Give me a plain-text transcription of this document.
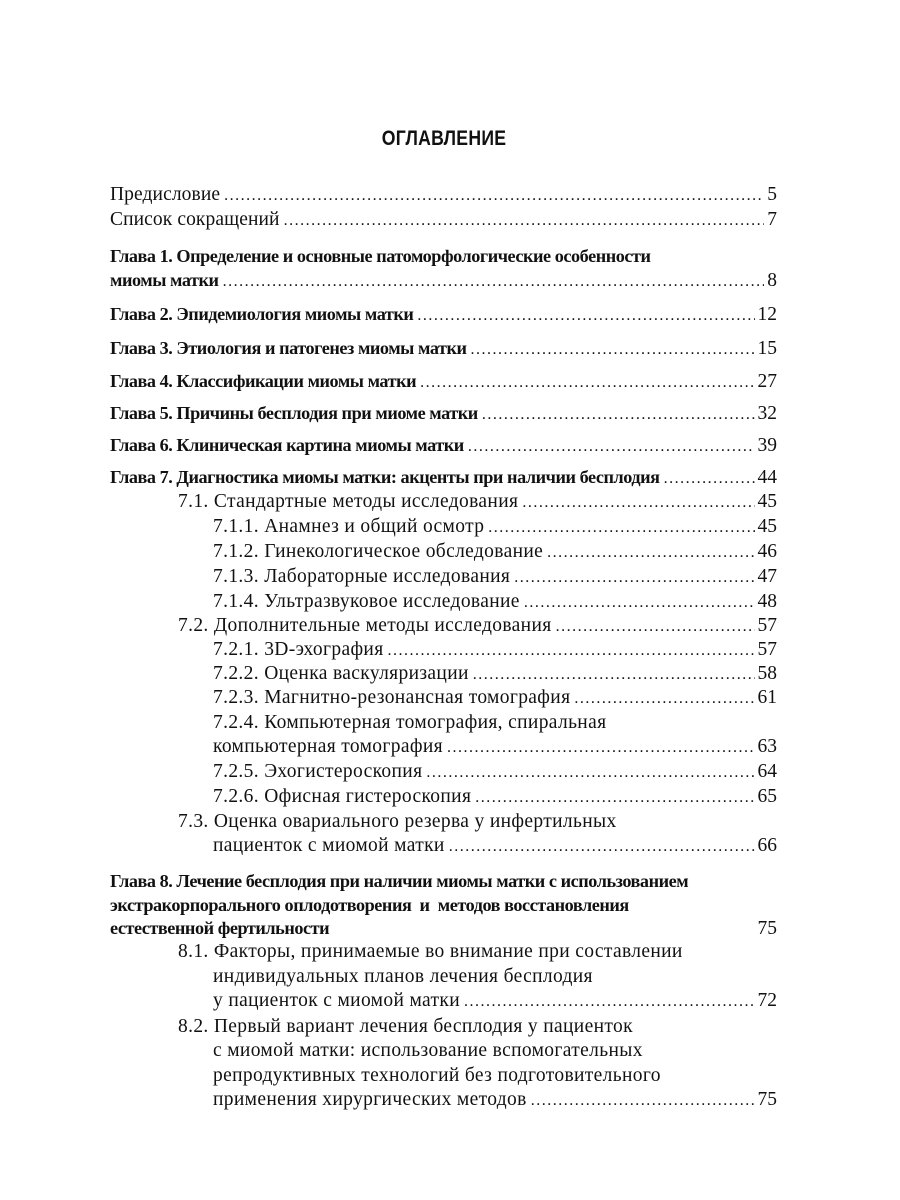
ОГЛАВЛЕНИЕ
Предисловие .....	5
Список сокращений .....	7
Глава 1. Определение и основные патоморфологические особенности
миомы матки .....	8
Глава 2. Эпидемиология миомы матки .....	12
Глава 3. Этиология и патогенез миомы матки .....	15
Глава 4. Классификации миомы матки .....	27
Глава 5. Причины бесплодия при миоме матки .....	32
Глава 6. Клиническая картина миомы матки .....	39
Глава 7. Диагностика миомы матки: акценты при наличии бесплодия .....	44
7.1. Стандартные методы исследования .....	45
7.1.1. Анамнез и общий осмотр .....	45
7.1.2. Гинекологическое обследование .....	46
7.1.3. Лабораторные исследования .....	47
7.1.4. Ультразвуковое исследование .....	48
7.2. Дополнительные методы исследования .....	57
7.2.1. 3D-эхография .....	57
7.2.2. Оценка васкуляризации .....	58
7.2.3. Магнитно-резонансная томография .....	61
7.2.4. Компьютерная томография, спиральная
компьютерная томография .....	63
7.2.5. Эхогистероскопия .....	64
7.2.6. Офисная гистероскопия .....	65
7.3. Оценка овариального резерва у инфертильных
пациенток с миомой матки .....	66
Глава 8. Лечение бесплодия при наличии миомы матки с использованием
экстракорпорального оплодотворения  и  методов восстановления
естественной фертильности	75
8.1. Факторы, принимаемые во внимание при составлении
индивидуальных планов лечения бесплодия
у пациенток с миомой матки .....	72
8.2. Первый вариант лечения бесплодия у пациенток
с миомой матки: использование вспомогательных
репродуктивных технологий без подготовительного
применения хирургических методов .....	75
